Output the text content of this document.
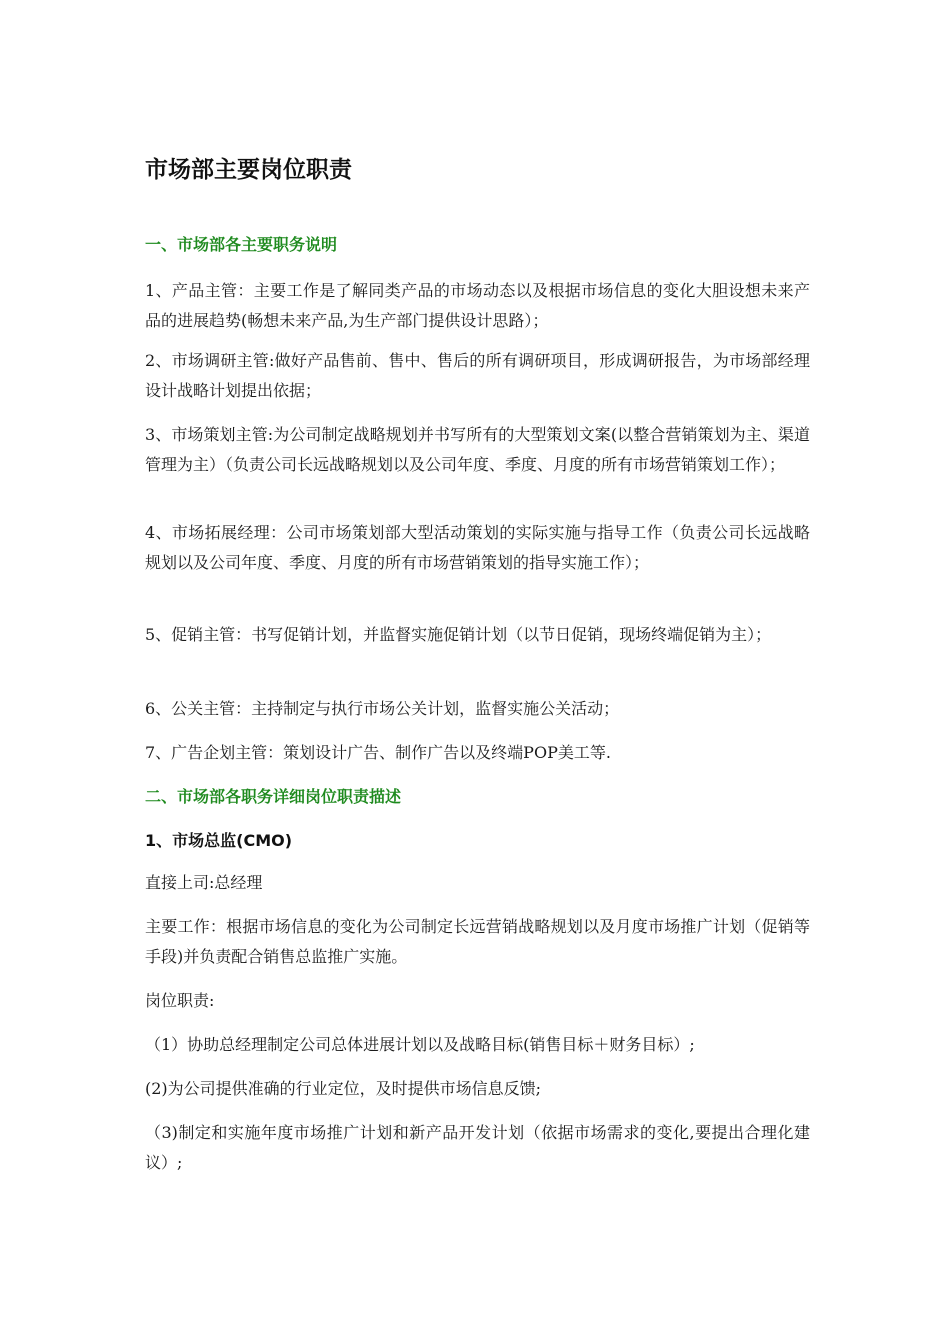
市场部主要岗位职责
一、市场部各主要职务说明

1、产品主管：主要工作是了解同类产品的市场动态以及根据市场信息的变化大胆设想未来产品的进展趋势(畅想未来产品,为生产部门提供设计思路）；

2、市场调研主管:做好产品售前、售中、售后的所有调研项目，形成调研报告，为市场部经理设计战略计划提出依据；

3、市场策划主管:为公司制定战略规划并书写所有的大型策划文案(以整合营销策划为主、渠道管理为主）（负责公司长远战略规划以及公司年度、季度、月度的所有市场营销策划工作）；

4、市场拓展经理：公司市场策划部大型活动策划的实际实施与指导工作（负责公司长远战略规划以及公司年度、季度、月度的所有市场营销策划的指导实施工作）；

5、促销主管：书写促销计划，并监督实施促销计划（以节日促销，现场终端促销为主）；

6、公关主管：主持制定与执行市场公关计划，监督实施公关活动；

7、广告企划主管：策划设计广告、制作广告以及终端POP美工等.

二、市场部各职务详细岗位职责描述
1、市场总监(CMO)

直接上司:总经理

主要工作：根据市场信息的变化为公司制定长远营销战略规划以及月度市场推广计划（促销等手段)并负责配合销售总监推广实施。

岗位职责:

（1）协助总经理制定公司总体进展计划以及战略目标(销售目标＋财务目标）;

(2)为公司提供准确的行业定位，及时提供市场信息反馈;

（3)制定和实施年度市场推广计划和新产品开发计划（依据市场需求的变化,要提出合理化建议）;
